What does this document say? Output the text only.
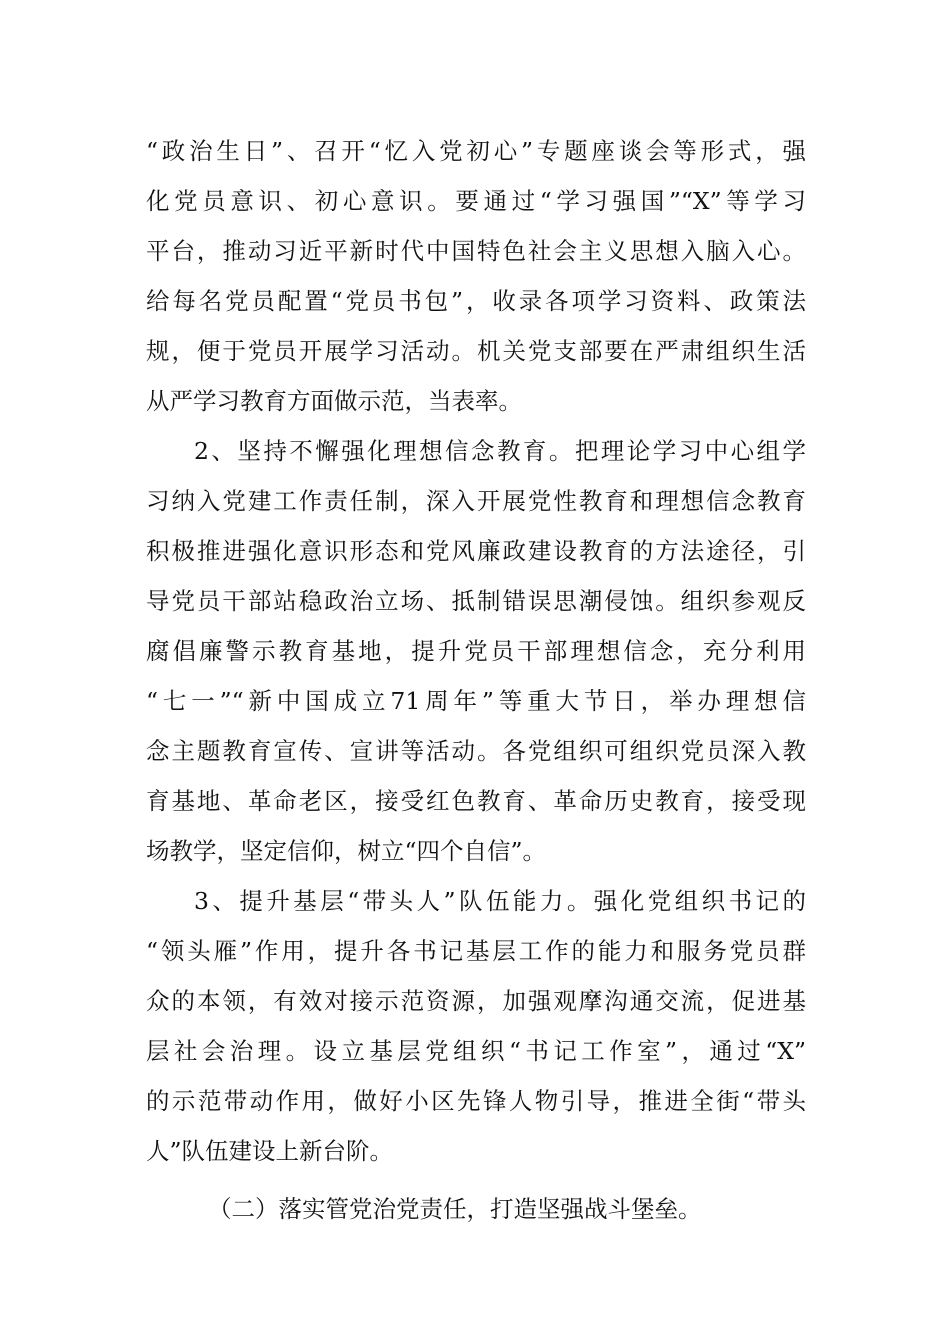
“政治生日”、召开“忆入党初心”专题座谈会等形式，强
化党员意识、初心意识。要通过“学习强国”“X”等学习
平台，推动习近平新时代中国特色社会主义思想入脑入心。
给每名党员配置“党员书包”，收录各项学习资料、政策法
规，便于党员开展学习活动。机关党支部要在严肃组织生活
从严学习教育方面做示范，当表率。
2、坚持不懈强化理想信念教育。把理论学习中心组学
习纳入党建工作责任制，深入开展党性教育和理想信念教育
积极推进强化意识形态和党风廉政建设教育的方法途径，引
导党员干部站稳政治立场、抵制错误思潮侵蚀。组织参观反
腐倡廉警示教育基地，提升党员干部理想信念，充分利用
“七一”“新中国成立71周年”等重大节日，举办理想信
念主题教育宣传、宣讲等活动。各党组织可组织党员深入教
育基地、革命老区，接受红色教育、革命历史教育，接受现
场教学，坚定信仰，树立“四个自信”。
3、提升基层“带头人”队伍能力。强化党组织书记的
“领头雁”作用，提升各书记基层工作的能力和服务党员群
众的本领，有效对接示范资源，加强观摩沟通交流，促进基
层社会治理。设立基层党组织“书记工作室”，通过“X”
的示范带动作用，做好小区先锋人物引导，推进全街“带头
人”队伍建设上新台阶。
（二）落实管党治党责任，打造坚强战斗堡垒。
